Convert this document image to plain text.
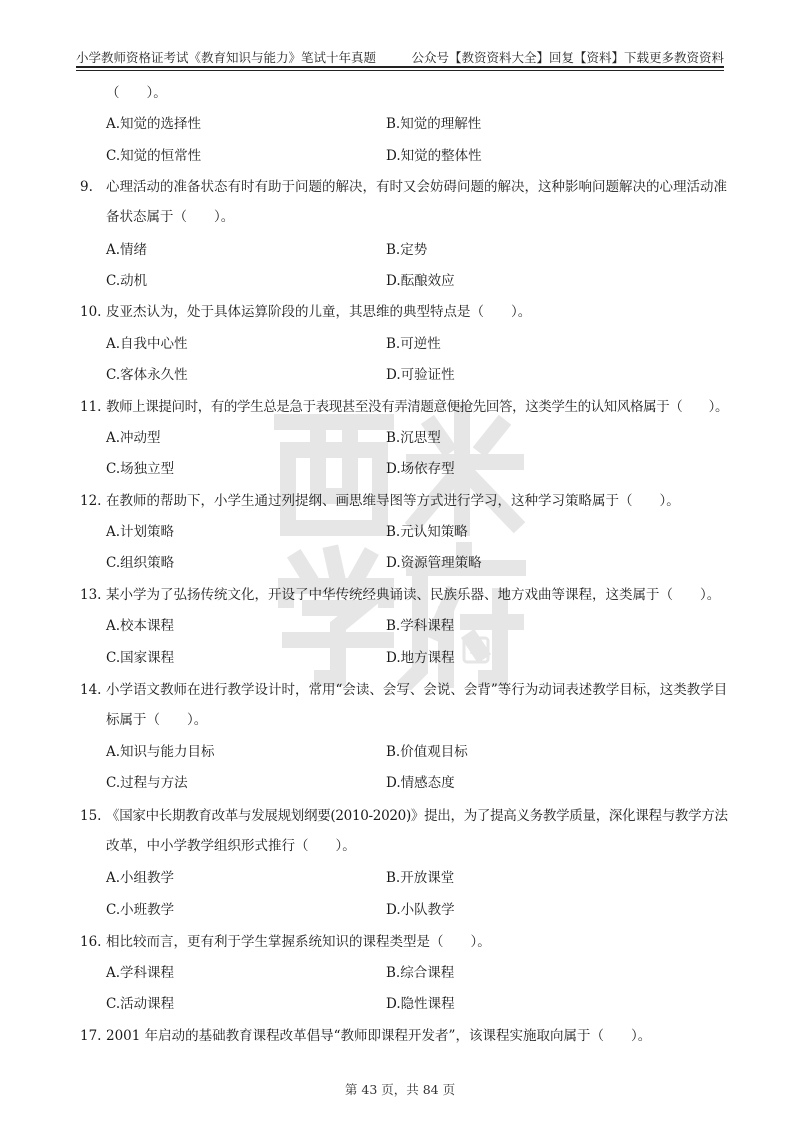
小学教师资格证考试《教育知识与能力》笔试十年真题	公众号【教资资料大全】回复【资料】下载更多教资资料
印
（　　）。
A.知觉的选择性	B.知觉的理解性
C.知觉的恒常性	D.知觉的整体性
9. 心理活动的准备状态有时有助于问题的解决，有时又会妨碍问题的解决，这种影响问题解决的心理活动准
备状态属于（　　）。
A.情绪	B.定势
C.动机	D.酝酿效应
10. 皮亚杰认为，处于具体运算阶段的儿童，其思维的典型特点是（　　）。
A.自我中心性	B.可逆性
C.客体永久性	D.可验证性
11. 教师上课提问时，有的学生总是急于表现甚至没有弄清题意便抢先回答，这类学生的认知风格属于（　　）。
A.冲动型	B.沉思型
C.场独立型	D.场依存型
12. 在教师的帮助下，小学生通过列提纲、画思维导图等方式进行学习，这种学习策略属于（　　）。
A.计划策略	B.元认知策略
C.组织策略	D.资源管理策略
13. 某小学为了弘扬传统文化，开设了中华传统经典诵读、民族乐器、地方戏曲等课程，这类属于（　　）。
A.校本课程	B.学科课程
C.国家课程	D.地方课程
14. 小学语文教师在进行教学设计时，常用“会读、会写、会说、会背”等行为动词表述教学目标，这类教学目
标属于（　　）。
A.知识与能力目标	B.价值观目标
C.过程与方法	D.情感态度
15. 《国家中长期教育改革与发展规划纲要(2010-2020)》提出，为了提高义务教学质量，深化课程与教学方法
改革，中小学教学组织形式推行（　　）。
A.小组教学	B.开放课堂
C.小班教学	D.小队教学
16. 相比较而言，更有利于学生掌握系统知识的课程类型是（　　）。
A.学科课程	B.综合课程
C.活动课程	D.隐性课程
17. 2001 年启动的基础教育课程改革倡导“教师即课程开发者”，该课程实施取向属于（　　）。
第 43 页，共 84 页
